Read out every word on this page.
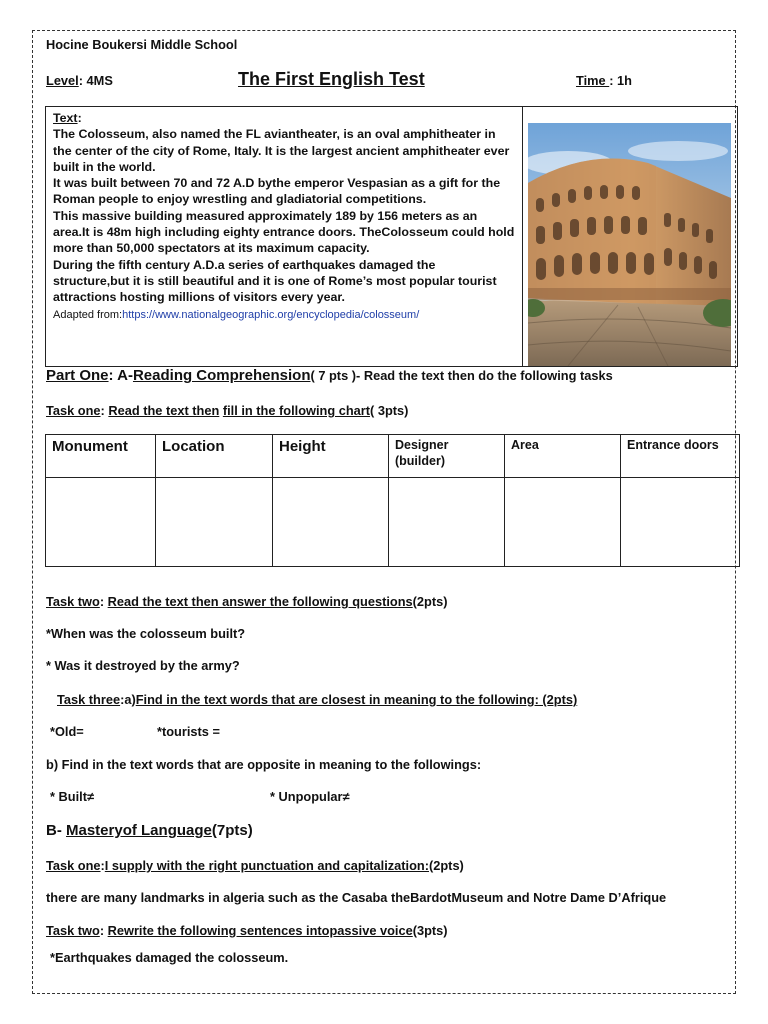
Hocine Boukersi Middle School
Level: 4MS	The First English Test	Time : 1h

Text:

The Colosseum, also named the FL aviantheater, is an oval amphitheater in the center of the city of Rome, Italy. It is the largest ancient amphitheater ever built in the world.

It was built between 70 and 72 A.D bythe emperor Vespasian as a gift for the Roman people to enjoy wrestling and gladiatorial competitions.

This massive building measured approximately 189 by 156 meters as an area.It is 48m high including eighty entrance doors. TheColosseum could hold more than 50,000 spectators at its maximum capacity.

During the fifth century A.D.a series of earthquakes damaged the structure,but it is still beautiful and it is one of Rome’s most popular tourist attractions hosting millions of visitors every year.

Adapted from:https://www.nationalgeographic.org/encyclopedia/colosseum/

Part One: A-Reading Comprehension( 7 pts )- Read the text then do the following tasks
Task one: Read the text then fill in the following chart( 3pts)
Monument	Location	Height	Designer (builder)	Area	Entrance doors

Task two: Read the text then answer the following questions(2pts)
*When was the colosseum built?
* Was it destroyed by the army?
Task three:a)Find in the text words that are closest in meaning to the following: (2pts)
*Old=	*tourists =
b) Find in the text words that are opposite in meaning to the followings:
* Built≠	* Unpopular≠
B- Masteryof Language(7pts)
Task one:I supply with the right punctuation and capitalization:(2pts)
there are many landmarks in algeria such as the Casaba theBardotMuseum and Notre Dame D’Afrique
Task two: Rewrite the following sentences intopassive voice(3pts)
*Earthquakes damaged the colosseum.
